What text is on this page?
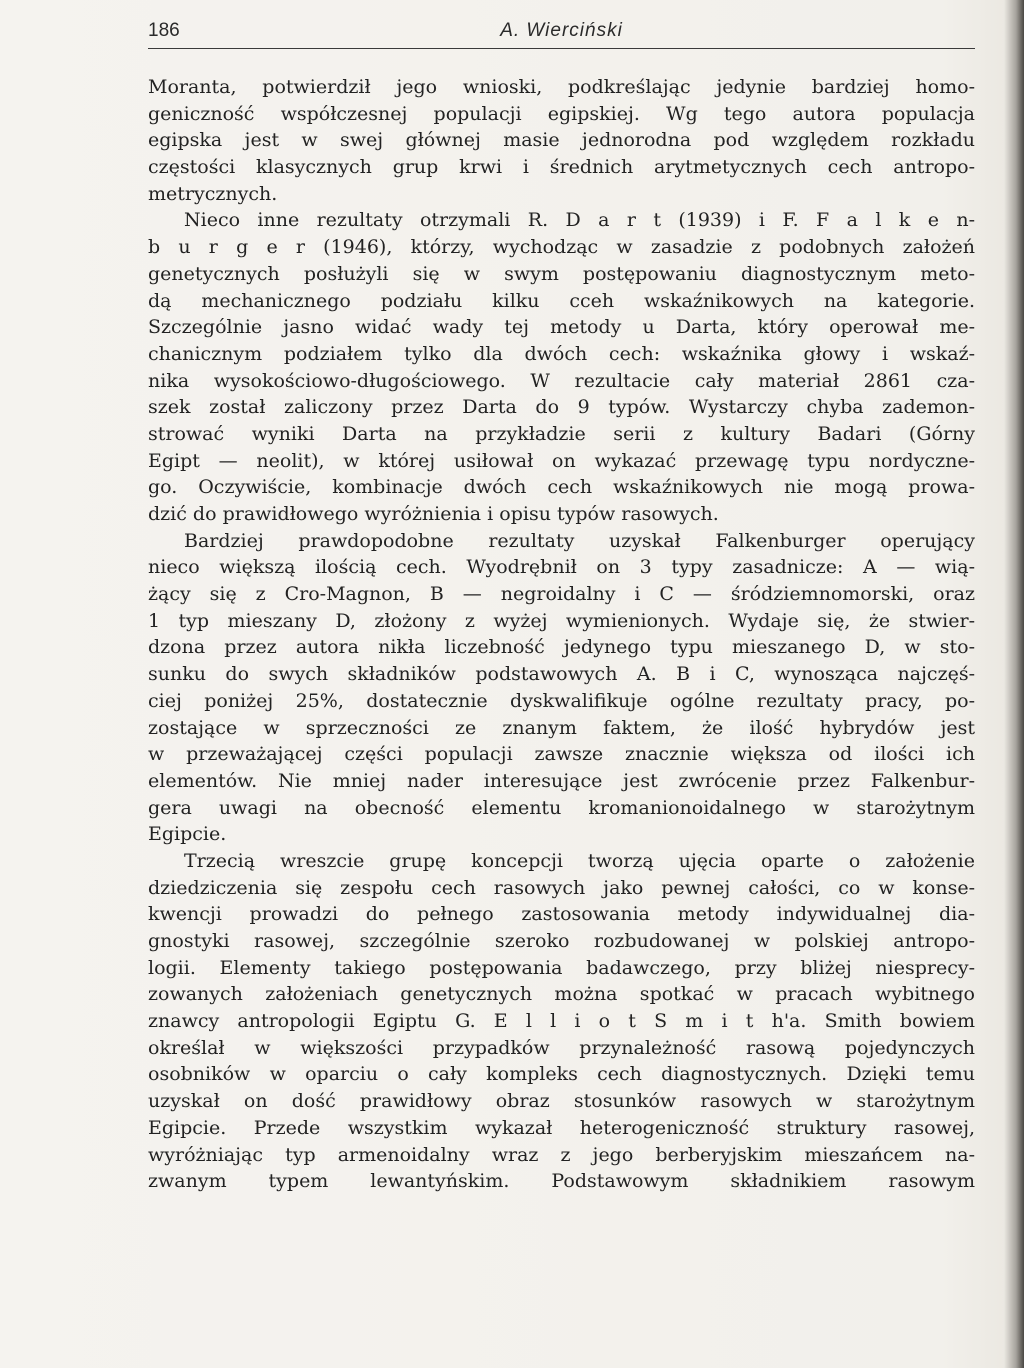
186	A. Wierciński
Moranta, potwierdził jego wnioski, podkreślając jedynie bardziej homo-
geniczność współczesnej populacji egipskiej. Wg tego autora populacja
egipska jest w swej głównej masie jednorodna pod względem rozkładu
częstości klasycznych grup krwi i średnich arytmetycznych cech antropo-
metrycznych.
Nieco inne rezultaty otrzymali R. D a r t (1939) i F. F a l k e n-
b u r g e r (1946), którzy, wychodząc w zasadzie z podobnych założeń
genetycznych posłużyli się w swym postępowaniu diagnostycznym meto-
dą mechanicznego podziału kilku cceh wskaźnikowych na kategorie.
Szczególnie jasno widać wady tej metody u Darta, który operował me-
chanicznym podziałem tylko dla dwóch cech: wskaźnika głowy i wskaź-
nika wysokościowo-długościowego. W rezultacie cały materiał 2861 cza-
szek został zaliczony przez Darta do 9 typów. Wystarczy chyba zademon-
strować wyniki Darta na przykładzie serii z kultury Badari (Górny
Egipt — neolit), w której usiłował on wykazać przewagę typu nordyczne-
go. Oczywiście, kombinacje dwóch cech wskaźnikowych nie mogą prowa-
dzić do prawidłowego wyróżnienia i opisu typów rasowych.
Bardziej prawdopodobne rezultaty uzyskał Falkenburger operujący
nieco większą ilością cech. Wyodrębnił on 3 typy zasadnicze: A — wią-
żący się z Cro-Magnon, B — negroidalny i C — śródziemnomorski, oraz
1 typ mieszany D, złożony z wyżej wymienionych. Wydaje się, że stwier-
dzona przez autora nikła liczebność jedynego typu mieszanego D, w sto-
sunku do swych składników podstawowych A. B i C, wynosząca najczęś-
ciej poniżej 25%, dostatecznie dyskwalifikuje ogólne rezultaty pracy, po-
zostające w sprzeczności ze znanym faktem, że ilość hybrydów jest
w przeważającej części populacji zawsze znacznie większa od ilości ich
elementów. Nie mniej nader interesujące jest zwrócenie przez Falkenbur-
gera uwagi na obecność elementu kromanionoidalnego w starożytnym
Egipcie.
Trzecią wreszcie grupę koncepcji tworzą ujęcia oparte o założenie
dziedziczenia się zespołu cech rasowych jako pewnej całości, co w konse-
kwencji prowadzi do pełnego zastosowania metody indywidualnej dia-
gnostyki rasowej, szczególnie szeroko rozbudowanej w polskiej antropo-
logii. Elementy takiego postępowania badawczego, przy bliżej niesprecy-
zowanych założeniach genetycznych można spotkać w pracach wybitnego
znawcy antropologii Egiptu G. E l l i o t S m i t h'a. Smith bowiem
określał w większości przypadków przynależność rasową pojedynczych
osobników w oparciu o cały kompleks cech diagnostycznych. Dzięki temu
uzyskał on dość prawidłowy obraz stosunków rasowych w starożytnym
Egipcie. Przede wszystkim wykazał heterogeniczność struktury rasowej,
wyróżniając typ armenoidalny wraz z jego berberyjskim mieszańcem na-
zwanym typem lewantyńskim. Podstawowym składnikiem rasowym
